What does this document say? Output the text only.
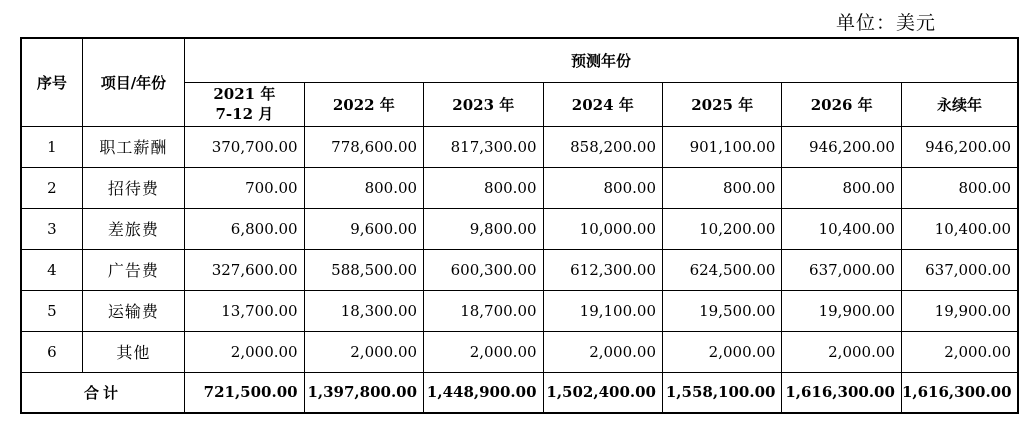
单位：美元
序号	项目/年份	预测年份						
		2021 年 7-12 月	2022 年	2023 年	2024 年	2025 年	2026 年	永续年
1	职工薪酬	370,700.00	778,600.00	817,300.00	858,200.00	901,100.00	946,200.00	946,200.00
2	招待费	700.00	800.00	800.00	800.00	800.00	800.00	800.00
3	差旅费	6,800.00	9,600.00	9,800.00	10,000.00	10,200.00	10,400.00	10,400.00
4	广告费	327,600.00	588,500.00	600,300.00	612,300.00	624,500.00	637,000.00	637,000.00
5	运输费	13,700.00	18,300.00	18,700.00	19,100.00	19,500.00	19,900.00	19,900.00
6	其他	2,000.00	2,000.00	2,000.00	2,000.00	2,000.00	2,000.00	2,000.00
合计		721,500.00	1,397,800.00	1,448,900.00	1,502,400.00	1,558,100.00	1,616,300.00	1,616,300.00
